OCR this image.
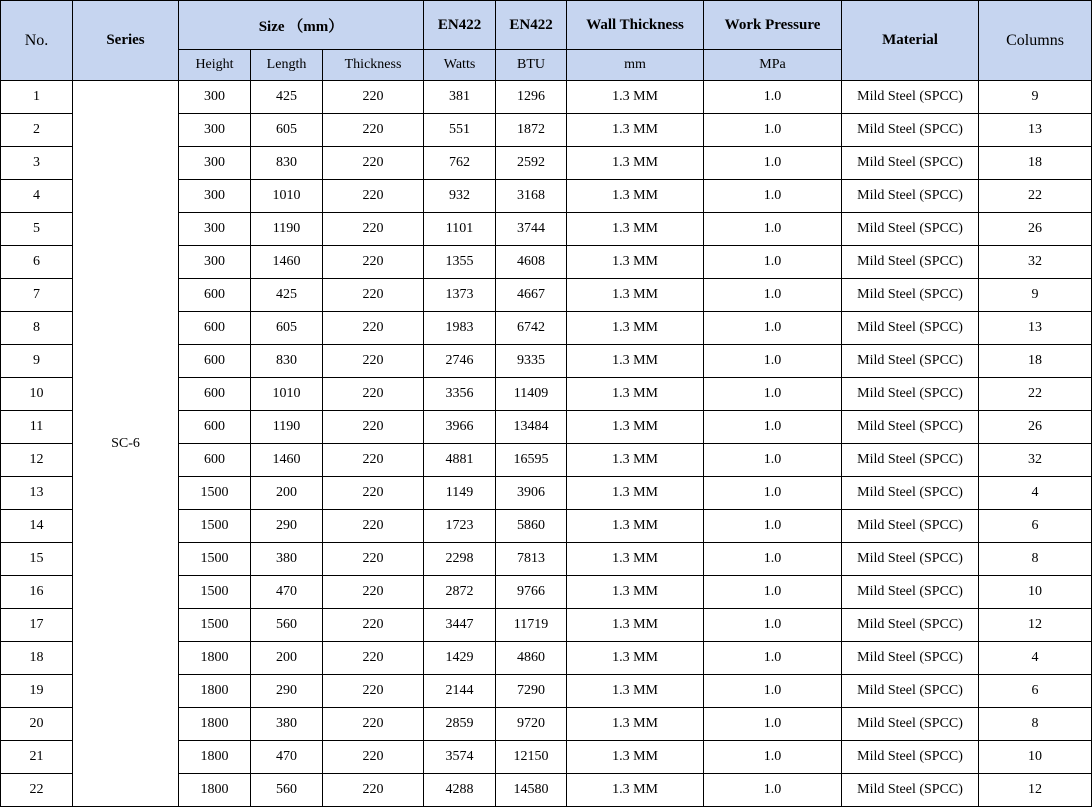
No.	Series	Size （mm）			EN422	EN422	Wall Thickness	Work Pressure	Material	Columns
		Height	Length	Thickness	Watts	BTU	mm	MPa		
1	SC-6	300	425	220	381	1296	1.3 MM	1.0	Mild Steel (SPCC)	9
2		300	605	220	551	1872	1.3 MM	1.0	Mild Steel (SPCC)	13
3		300	830	220	762	2592	1.3 MM	1.0	Mild Steel (SPCC)	18
4		300	1010	220	932	3168	1.3 MM	1.0	Mild Steel (SPCC)	22
5		300	1190	220	1101	3744	1.3 MM	1.0	Mild Steel (SPCC)	26
6		300	1460	220	1355	4608	1.3 MM	1.0	Mild Steel (SPCC)	32
7		600	425	220	1373	4667	1.3 MM	1.0	Mild Steel (SPCC)	9
8		600	605	220	1983	6742	1.3 MM	1.0	Mild Steel (SPCC)	13
9		600	830	220	2746	9335	1.3 MM	1.0	Mild Steel (SPCC)	18
10		600	1010	220	3356	11409	1.3 MM	1.0	Mild Steel (SPCC)	22
11		600	1190	220	3966	13484	1.3 MM	1.0	Mild Steel (SPCC)	26
12		600	1460	220	4881	16595	1.3 MM	1.0	Mild Steel (SPCC)	32
13		1500	200	220	1149	3906	1.3 MM	1.0	Mild Steel (SPCC)	4
14		1500	290	220	1723	5860	1.3 MM	1.0	Mild Steel (SPCC)	6
15		1500	380	220	2298	7813	1.3 MM	1.0	Mild Steel (SPCC)	8
16		1500	470	220	2872	9766	1.3 MM	1.0	Mild Steel (SPCC)	10
17		1500	560	220	3447	11719	1.3 MM	1.0	Mild Steel (SPCC)	12
18		1800	200	220	1429	4860	1.3 MM	1.0	Mild Steel (SPCC)	4
19		1800	290	220	2144	7290	1.3 MM	1.0	Mild Steel (SPCC)	6
20		1800	380	220	2859	9720	1.3 MM	1.0	Mild Steel (SPCC)	8
21		1800	470	220	3574	12150	1.3 MM	1.0	Mild Steel (SPCC)	10
22		1800	560	220	4288	14580	1.3 MM	1.0	Mild Steel (SPCC)	12
